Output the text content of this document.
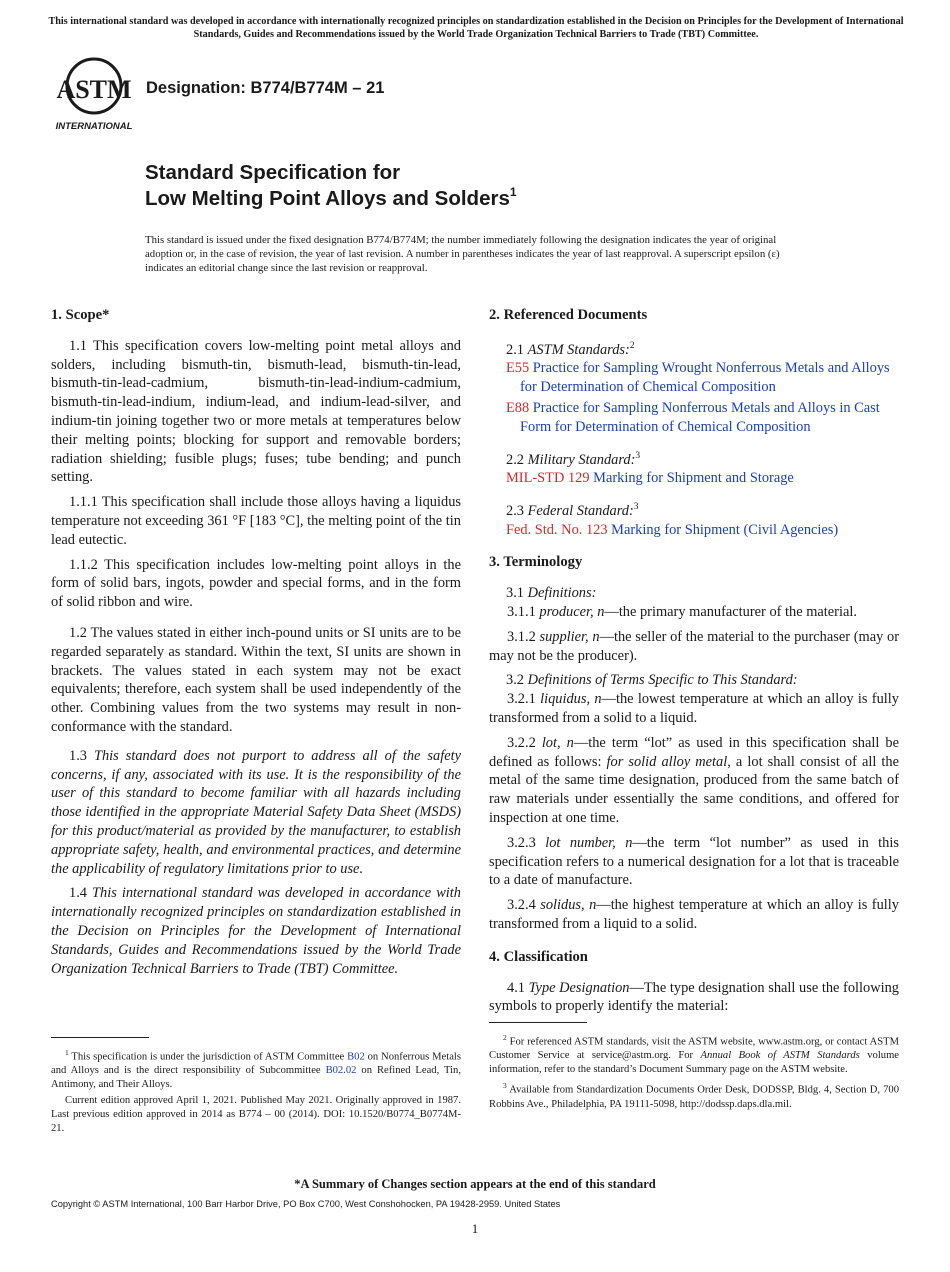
This international standard was developed in accordance with internationally recognized principles on standardization established in the Decision on Principles for the Development of International Standards, Guides and Recommendations issued by the World Trade Organization Technical Barriers to Trade (TBT) Committee.
ASTM
INTERNATIONAL
Designation: B774/B774M – 21
Standard Specification for
Low Melting Point Alloys and Solders$^1$
This standard is issued under the fixed designation B774/B774M; the number immediately following the designation indicates the year of original adoption or, in the case of revision, the year of last revision. A number in parentheses indicates the year of last reapproval. A superscript epsilon (ε) indicates an editorial change since the last revision or reapproval.

1. Scope*

1.1 This specification covers low-melting point metal alloys and solders, including bismuth-tin, bismuth-lead, bismuth-tin-lead, bismuth-tin-lead-cadmium, bismuth-tin-lead-indium-cadmium, bismuth-tin-lead-indium, indium-lead, and indium-lead-silver, and indium-tin joining together two or more metals at temperatures below their melting points; blocking for support and removable borders; radiation shielding; fusible plugs; fuses; tube bending; and punch setting.

1.1.1 This specification shall include those alloys having a liquidus temperature not exceeding 361 °F [183 °C], the melting point of the tin lead eutectic.

1.1.2 This specification includes low-melting point alloys in the form of solid bars, ingots, powder and special forms, and in the form of solid ribbon and wire.

1.2 The values stated in either inch-pound units or SI units are to be regarded separately as standard. Within the text, SI units are shown in brackets. The values stated in each system may not be exact equivalents; therefore, each system shall be used independently of the other. Combining values from the two systems may result in non-conformance with the standard.

1.3 This standard does not purport to address all of the safety concerns, if any, associated with its use. It is the responsibility of the user of this standard to become familiar with all hazards including those identified in the appropriate Material Safety Data Sheet (MSDS) for this product/material as provided by the manufacturer, to establish appropriate safety, health, and environmental practices, and determine the applicability of regulatory limitations prior to use.

1.4 This international standard was developed in accordance with internationally recognized principles on standardization established in the Decision on Principles for the Development of International Standards, Guides and Recommendations issued by the World Trade Organization Technical Barriers to Trade (TBT) Committee.

2. Referenced Documents

2.1 ASTM Standards:$^2$

E55 Practice for Sampling Wrought Nonferrous Metals and Alloys for Determination of Chemical Composition

E88 Practice for Sampling Nonferrous Metals and Alloys in Cast Form for Determination of Chemical Composition

2.2 Military Standard:$^3$

MIL-STD 129 Marking for Shipment and Storage

2.3 Federal Standard:$^3$

Fed. Std. No. 123 Marking for Shipment (Civil Agencies)

3. Terminology

3.1 Definitions:

3.1.1 producer, n—the primary manufacturer of the material.

3.1.2 supplier, n—the seller of the material to the purchaser (may or may not be the producer).

3.2 Definitions of Terms Specific to This Standard:

3.2.1 liquidus, n—the lowest temperature at which an alloy is fully transformed from a solid to a liquid.

3.2.2 lot, n—the term “lot” as used in this specification shall be defined as follows: for solid alloy metal, a lot shall consist of all the metal of the same time designation, produced from the same batch of raw materials under essentially the same conditions, and offered for inspection at one time.

3.2.3 lot number, n—the term “lot number” as used in this specification refers to a numerical designation for a lot that is traceable to a date of manufacture.

3.2.4 solidus, n—the highest temperature at which an alloy is fully transformed from a liquid to a solid.

4. Classification

4.1 Type Designation—The type designation shall use the following symbols to properly identify the material:

$^1$ This specification is under the jurisdiction of ASTM Committee B02 on Nonferrous Metals and Alloys and is the direct responsibility of Subcommittee B02.02 on Refined Lead, Tin, Antimony, and Their Alloys.

Current edition approved April 1, 2021. Published May 2021. Originally approved in 1987. Last previous edition approved in 2014 as B774 – 00 (2014). DOI: 10.1520/B0774_B0774M-21.

$^2$ For referenced ASTM standards, visit the ASTM website, www.astm.org, or contact ASTM Customer Service at service@astm.org. For Annual Book of ASTM Standards volume information, refer to the standard’s Document Summary page on the ASTM website.

$^3$ Available from Standardization Documents Order Desk, DODSSP, Bldg. 4, Section D, 700 Robbins Ave., Philadelphia, PA 19111-5098, http://dodssp.daps.dla.mil.

*A Summary of Changes section appears at the end of this standard
Copyright © ASTM International, 100 Barr Harbor Drive, PO Box C700, West Conshohocken, PA 19428-2959. United States
1
